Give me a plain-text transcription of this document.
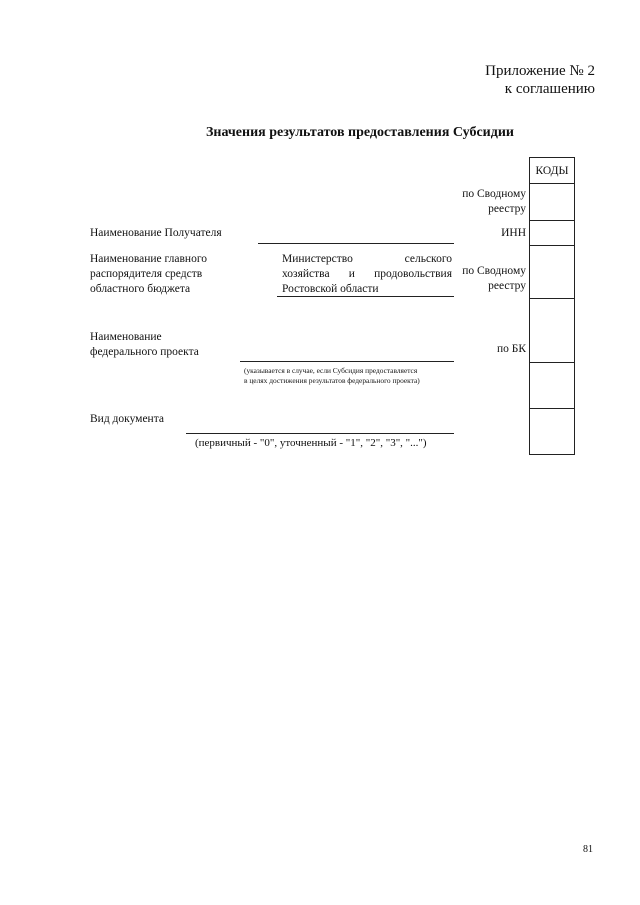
Приложение № 2
к соглашению
Значения результатов предоставления Субсидии
КОДЫ
по Сводному
реестру
ИНН
по Сводному
реестру
по БК
Наименование Получателя
Наименование главного
распорядителя средств
областного бюджета
Министерство	сельского
хозяйства и продовольствия
Ростовской области
Наименование
федерального проекта
(указывается в случае, если Субсидия предоставляется
в целях достижения результатов федерального проекта)
Вид документа
(первичный - "0", уточненный - "1", "2", "3", "...")
81
